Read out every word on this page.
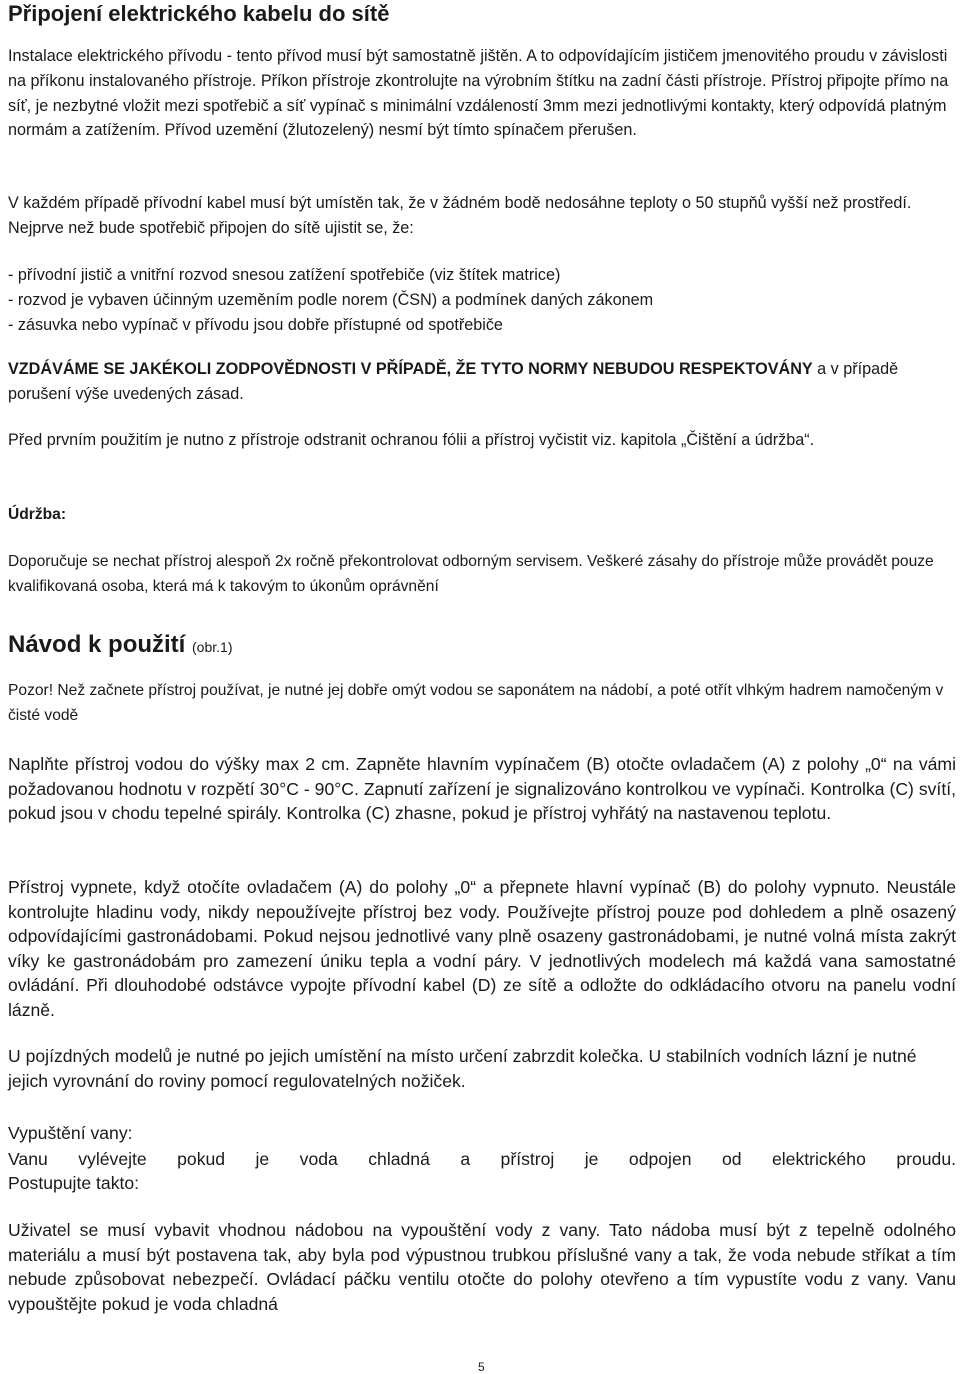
Připojení elektrického kabelu do sítě

Instalace elektrického přívodu - tento přívod musí být samostatně jištěn. A to odpovídajícím jističem jmenovitého proudu v závislosti na příkonu instalovaného přístroje. Příkon přístroje zkontrolujte na výrobním štítku na zadní části přístroje. Přístroj připojte přímo na síť, je nezbytné vložit mezi spotřebič a síť vypínač s minimální vzdáleností 3mm mezi jednotlivými kontakty, který odpovídá platným normám a zatížením. Přívod uzemění (žlutozelený) nesmí být tímto spínačem přerušen.

V každém případě přívodní kabel musí být umístěn tak, že v žádném bodě nedosáhne teploty o 50 stupňů vyšší než prostředí. Nejprve než bude spotřebič připojen do sítě ujistit se, že:

- přívodní jistič a vnitřní rozvod snesou zatížení spotřebiče (viz štítek matrice)
- rozvod je vybaven účinným uzeměním podle norem (ČSN) a podmínek daných zákonem
- zásuvka nebo vypínač v přívodu jsou dobře přístupné od spotřebiče

VZDÁVÁME SE JAKÉKOLI ZODPOVĚDNOSTI V PŘÍPADĚ, ŽE TYTO NORMY NEBUDOU RESPEKTOVÁNY a v případě porušení výše uvedených zásad.

Před prvním použitím je nutno z přístroje odstranit ochranou fólii a přístroj vyčistit viz. kapitola „Čištění a údržba“.

Údržba:

Doporučuje se nechat přístroj alespoň 2x ročně překontrolovat odborným servisem. Veškeré zásahy do přístroje může provádět pouze kvalifikovaná osoba, která má k takovým to úkonům oprávnění

Návod k použití (obr.1)

Pozor! Než začnete přístroj používat, je nutné jej dobře omýt vodou se saponátem na nádobí, a poté otřít vlhkým hadrem namočeným v čisté vodě

Naplňte přístroj vodou do výšky max 2 cm. Zapněte hlavním vypínačem (B) otočte ovladačem (A) z polohy „0“ na vámi požadovanou hodnotu v rozpětí 30°C - 90°C. Zapnutí zařízení je signalizováno kontrolkou ve vypínači. Kontrolka (C) svítí, pokud jsou v chodu tepelné spirály. Kontrolka (C) zhasne, pokud je přístroj vyhřátý na nastavenou teplotu.

Přístroj vypnete, když otočíte ovladačem (A) do polohy „0“ a přepnete hlavní vypínač (B) do polohy vypnuto. Neustále kontrolujte hladinu vody, nikdy nepoužívejte přístroj bez vody. Používejte přístroj pouze pod dohledem a plně osazený odpovídajícími gastronádobami. Pokud nejsou jednotlivé vany plně osazeny gastronádobami, je nutné volná místa zakrýt víky ke gastronádobám pro zamezení úniku tepla a vodní páry. V jednotlivých modelech má každá vana samostatné ovládání. Při dlouhodobé odstávce vypojte přívodní kabel (D) ze sítě a odložte do odkládacího otvoru na panelu vodní lázně.

U pojízdných modelů je nutné po jejich umístění na místo určení zabrzdit kolečka. U stabilních vodních lázní je nutné jejich vyrovnání do roviny pomocí regulovatelných nožiček.

Vypuštění vany:

Vanu vylévejte pokud je voda chladná a přístroj je odpojen od elektrického proudu.

Postupujte takto:

Uživatel se musí vybavit vhodnou nádobou na vypouštění vody z vany. Tato nádoba musí být z tepelně odolného materiálu a musí být postavena tak, aby byla pod výpustnou trubkou příslušné vany a tak, že voda nebude stříkat a tím nebude způsobovat nebezpečí. Ovládací páčku ventilu otočte do polohy otevřeno a tím vypustíte vodu z vany. Vanu vypouštějte pokud je voda chladná

5
